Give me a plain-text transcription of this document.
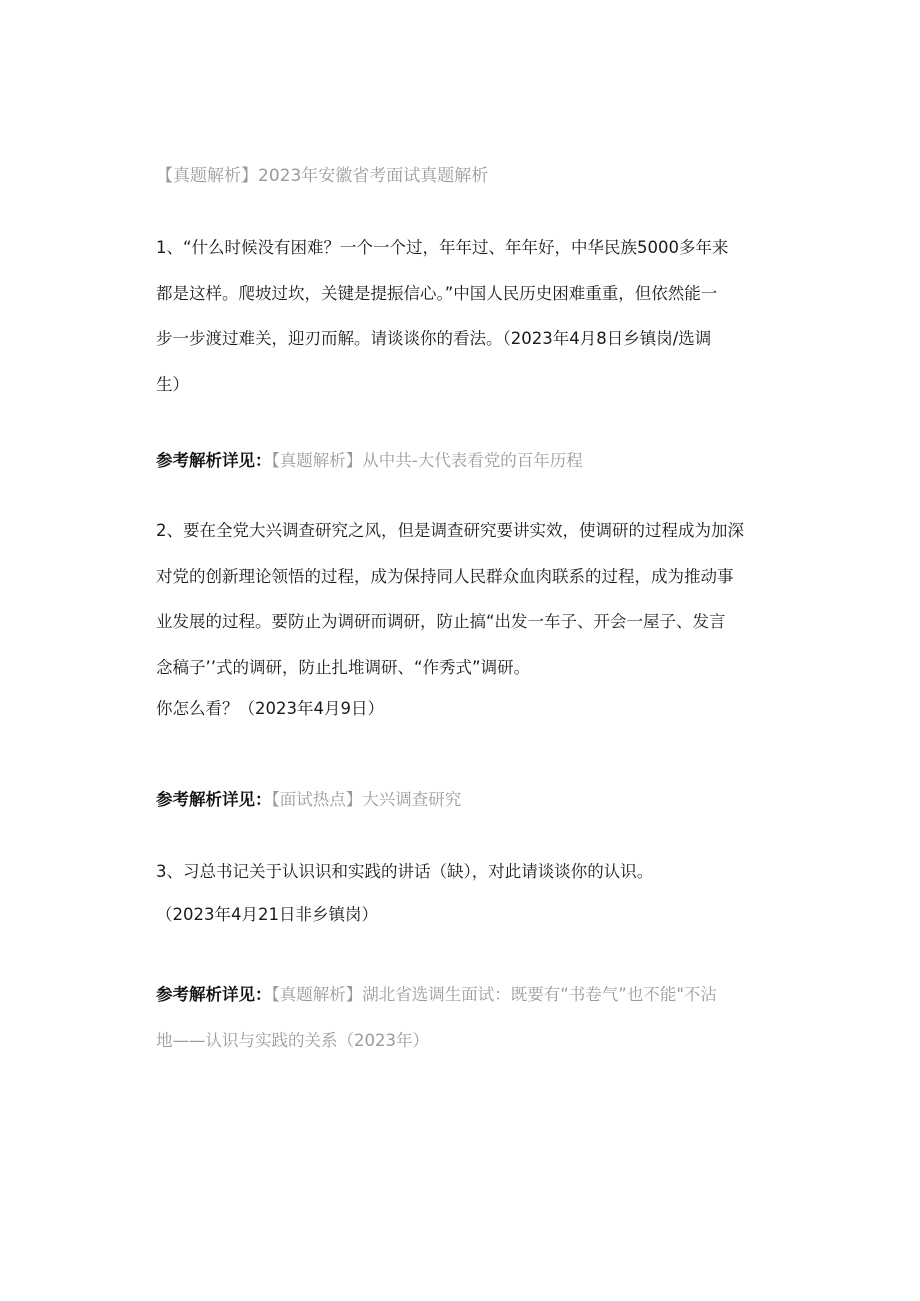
【真题解析】2023年安徽省考面试真题解析

1、“什么时候没有困难？一个一个过，年年过、年年好，中华民族5000多年来

都是这样。爬坡过坎，关键是提振信心。”中国人民历史困难重重，但依然能一

步一步渡过难关，迎刃而解。请谈谈你的看法。（2023年4月8日乡镇岗/选调

生）

参考解析详见：【真题解析】从中共-大代表看党的百年历程

2、要在全党大兴调查研究之风，但是调查研究要讲实效，使调研的过程成为加深

对党的创新理论领悟的过程，成为保持同人民群众血肉联系的过程，成为推动事

业发展的过程。要防止为调研而调研，防止搞“出发一车子、开会一屋子、发言

念稿子’’式的调研，防止扎堆调研、“作秀式”调研。

你怎么看？（2023年4月9日）

参考解析详见：【面试热点】大兴调查研究

3、习总书记关于认识识和实践的讲话（缺），对此请谈谈你的认识。

（2023年4月21日非乡镇岗）

参考解析详见：【真题解析】湖北省选调生面试：既要有“书卷气”也不能"不沾
地——认识与实践的关系（2023年）
